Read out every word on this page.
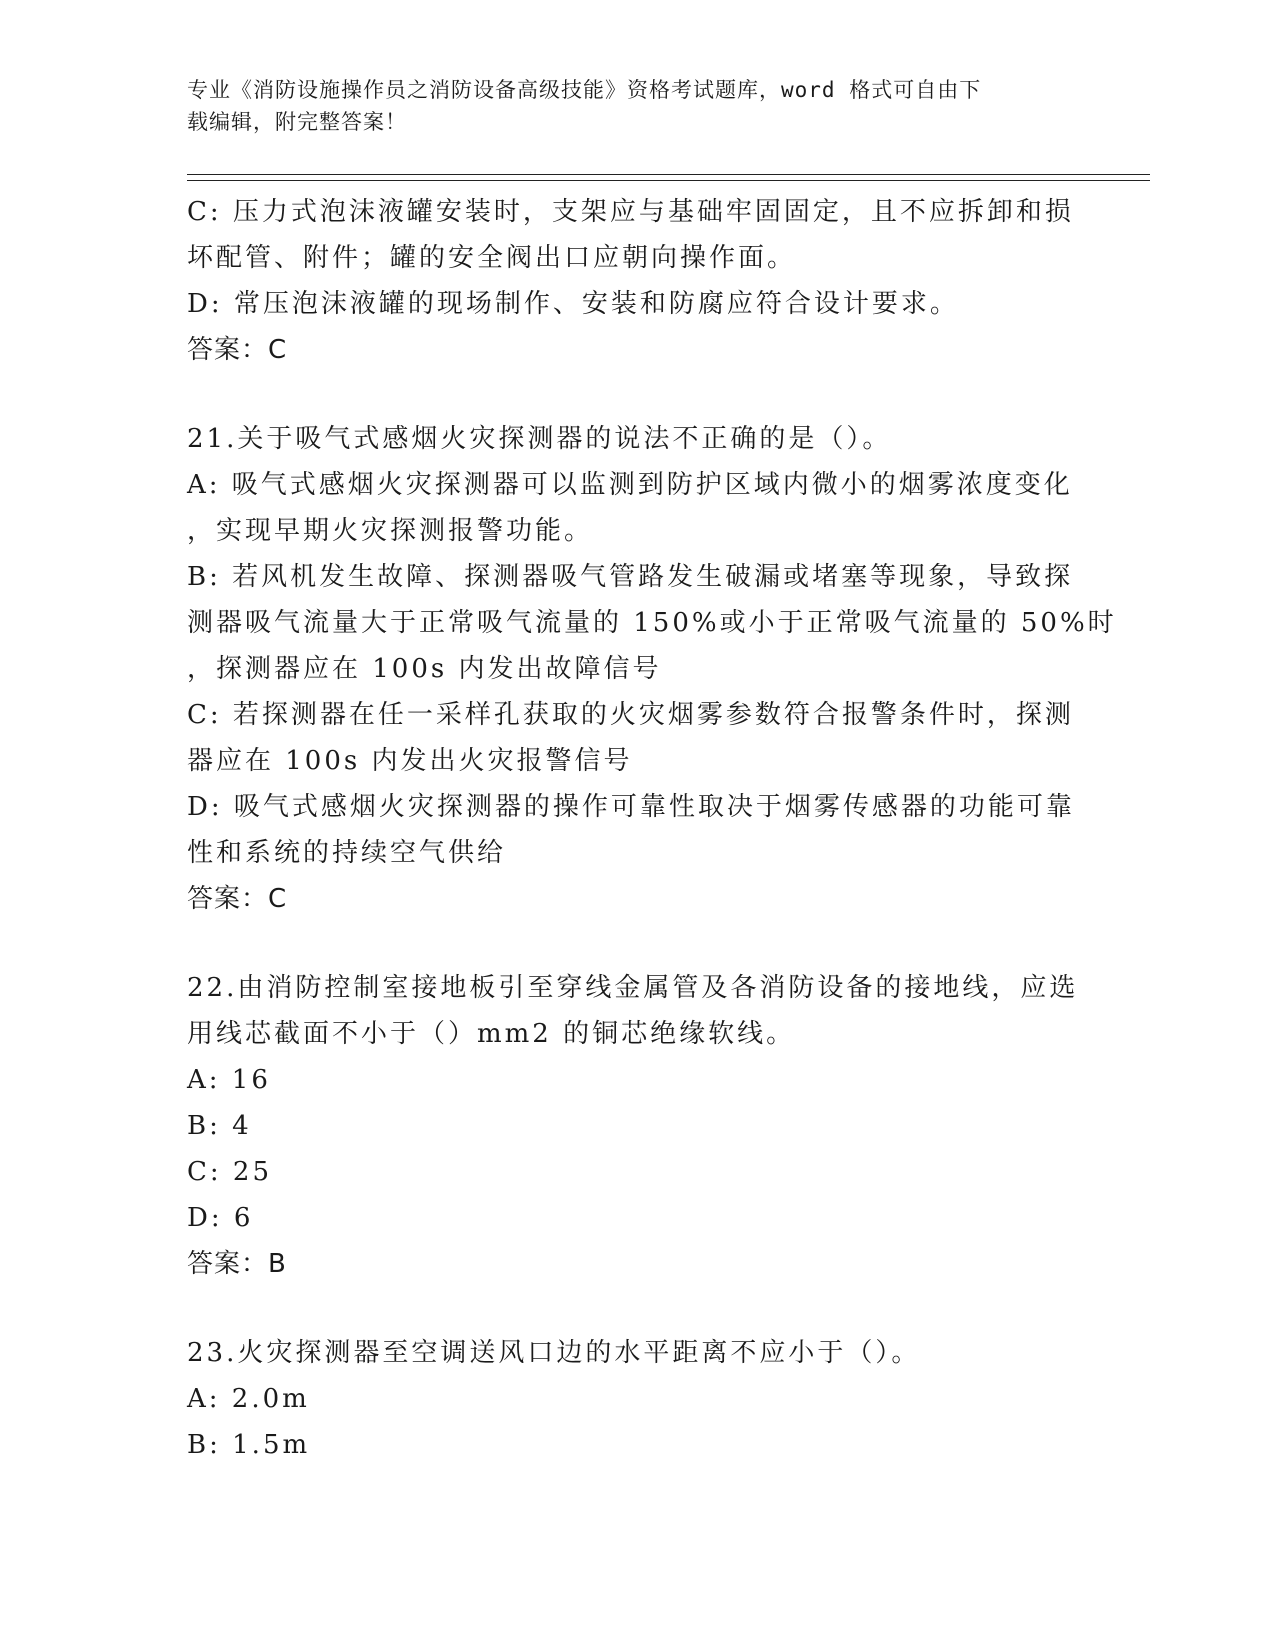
专业《消防设施操作员之消防设备高级技能》资格考试题库，word 格式可自由下
载编辑，附完整答案！
C: 压力式泡沫液罐安装时，支架应与基础牢固固定，且不应拆卸和损
坏配管、附件；罐的安全阀出口应朝向操作面。
D: 常压泡沫液罐的现场制作、安装和防腐应符合设计要求。
答案：C
21.关于吸气式感烟火灾探测器的说法不正确的是（）。
A: 吸气式感烟火灾探测器可以监测到防护区域内微小的烟雾浓度变化
，实现早期火灾探测报警功能。
B: 若风机发生故障、探测器吸气管路发生破漏或堵塞等现象，导致探
测器吸气流量大于正常吸气流量的 150%或小于正常吸气流量的 50%时
，探测器应在 100s 内发出故障信号
C: 若探测器在任一采样孔获取的火灾烟雾参数符合报警条件时，探测
器应在 100s 内发出火灾报警信号
D: 吸气式感烟火灾探测器的操作可靠性取决于烟雾传感器的功能可靠
性和系统的持续空气供给
答案：C
22.由消防控制室接地板引至穿线金属管及各消防设备的接地线，应选
用线芯截面不小于（）mm2 的铜芯绝缘软线。
A: 16
B: 4
C: 25
D: 6
答案：B
23.火灾探测器至空调送风口边的水平距离不应小于（）。
A: 2.0m
B: 1.5m
